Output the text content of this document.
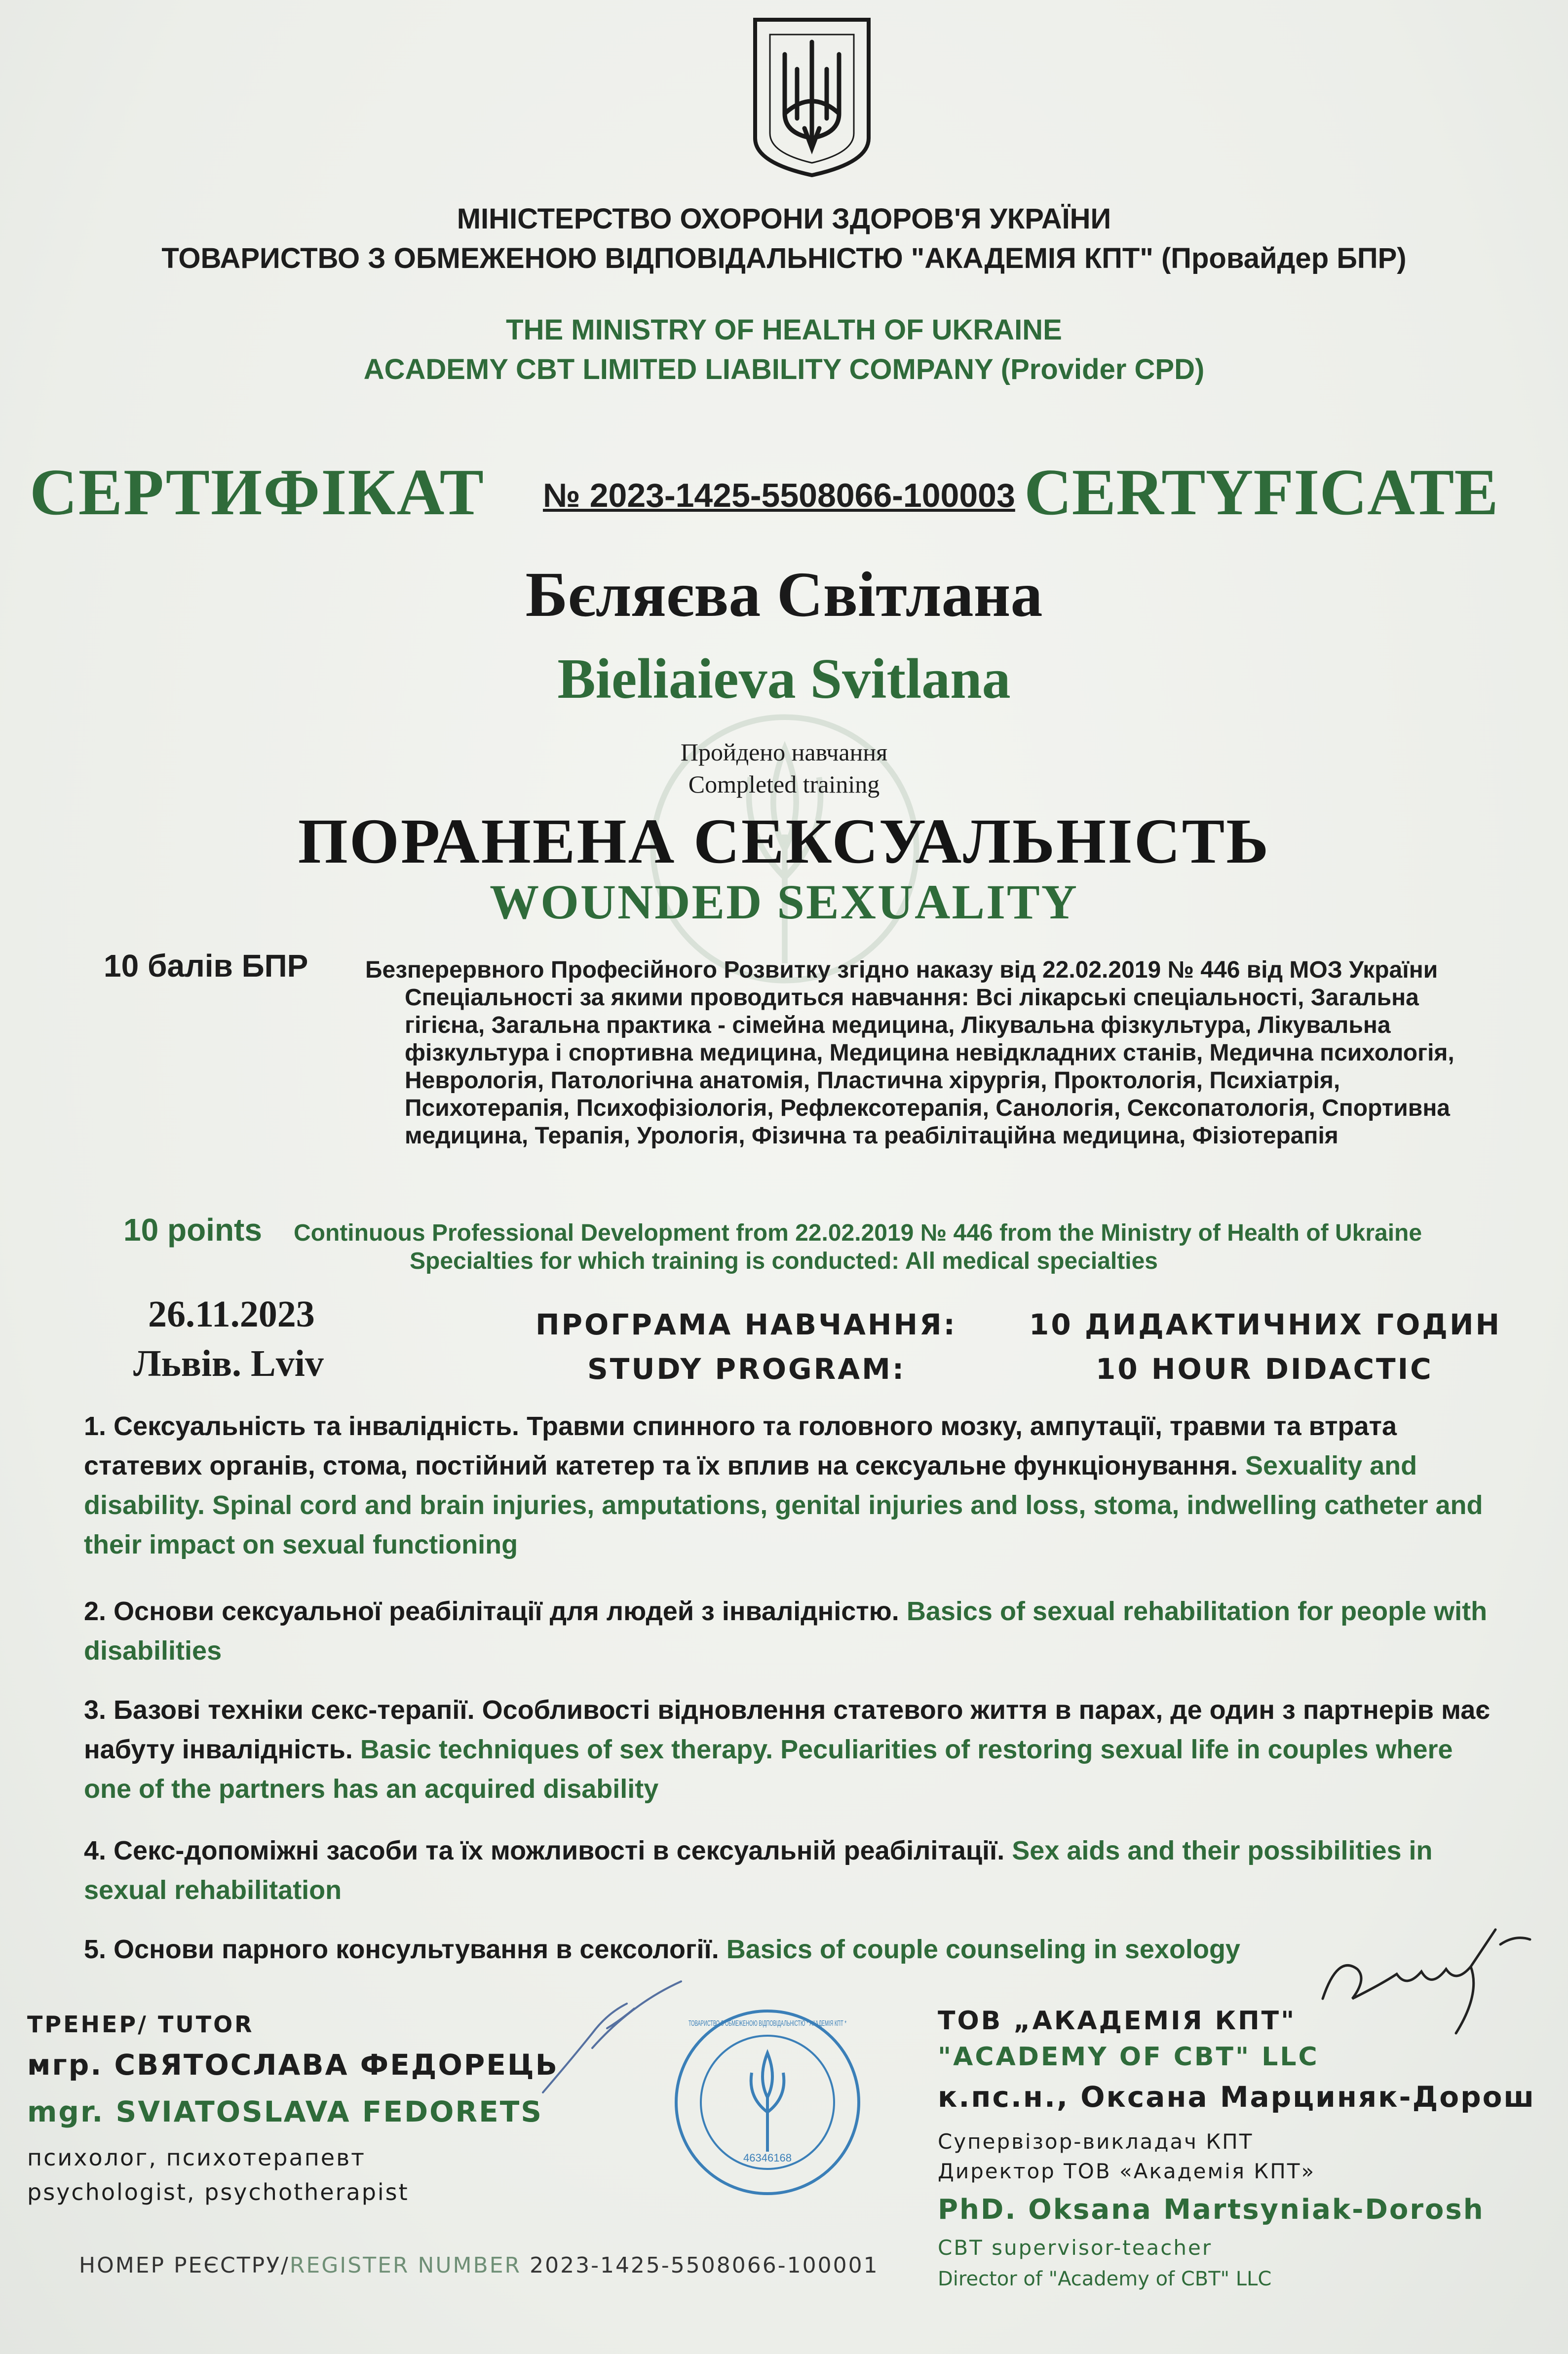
МІНІСТЕРСТВО ОХОРОНИ ЗДОРОВ'Я УКРАЇНИ
ТОВАРИСТВО З ОБМЕЖЕНОЮ ВІДПОВІДАЛЬНІСТЮ "АКАДЕМІЯ КПТ" (Провайдер БПР)
THE MINISTRY OF HEALTH OF UKRAINE
ACADEMY CBT LIMITED LIABILITY COMPANY (Provider CPD)
СЕРТИФІКАТ № 2023-1425-5508066-100003 CERTYFICATE
Бєляєва Світлана
Bieliaieva Svitlana
Пройдено навчання
Completed training
ПОРАНЕНА СЕКСУАЛЬНІСТЬ
WOUNDED SEXUALITY
10 балів БПР Безперервного Професійного Розвитку згідно наказу від 22.02.2019 № 446 від МОЗ України
Спеціальності за якими проводиться навчання: Всі лікарські спеціальності, Загальна гігієна, Загальна практика - сімейна медицина, Лікувальна фізкультура, Лікувальна фізкультура і спортивна медицина, Медицина невідкладних станів, Медична психологія, Неврологія, Патологічна анатомія, Пластична хірургія, Проктологія, Психіатрія, Психотерапія, Психофізіологія, Рефлексотерапія, Санологія, Сексопатологія, Спортивна медицина, Терапія, Урологія, Фізична та реабілітаційна медицина, Фізіотерапія
10 points Continuous Professional Development from 22.02.2019 № 446 from the Ministry of Health of Ukraine
Specialties for which training is conducted: All medical specialties
26.11.2023
Львів. Lviv
ПРОГРАМА НАВЧАННЯ:
STUDY PROGRAM:
10 ДИДАКТИЧНИХ ГОДИН
10 HOUR DIDACTIC
1. Сексуальність та інвалідність. Травми спинного та головного мозку, ампутації, травми та втрата статевих органів, стома, постійний катетер та їх вплив на сексуальне функціонування. Sexuality and disability. Spinal cord and brain injuries, amputations, genital injuries and loss, stoma, indwelling catheter and their impact on sexual functioning
2. Основи сексуальної реабілітації для людей з інвалідністю. Basics of sexual rehabilitation for people with disabilities
3. Базові техніки секс-терапії. Особливості відновлення статевого життя в парах, де один з партнерів має набуту інвалідність. Basic techniques of sex therapy. Peculiarities of restoring sexual life in couples where one of the partners has an acquired disability
4. Секс-допоміжні засоби та їх можливості в сексуальній реабілітації. Sex aids and their possibilities in sexual rehabilitation
5. Основи парного консультування в сексології. Basics of couple counseling in sexology
ТРЕНЕР/ TUTOR
мгр. СВЯТОСЛАВА ФЕДОРЕЦЬ
mgr. SVIATOSLAVA FEDORETS
психолог, психотерапевт
psychologist, psychotherapist
НОМЕР РЕЄСТРУ/REGISTER NUMBER 2023-1425-5508066-100001
46346168
ТОВАРИСТВО З ОБМЕЖЕНОЮ ВІДПОВІДАЛЬНІСТЮ * АКАДЕМІЯ КПТ *	ТОВ „АКАДЕМІЯ КПТ"
"ACADEMY OF CBT" LLC
к.пс.н., Оксана Марциняк-Дорош
Супервізор-викладач КПТ
Директор ТОВ «Академія КПТ»
PhD. Oksana Martsyniak-Dorosh
CBT supervisor-teacher
Director of "Academy of CBT" LLC
